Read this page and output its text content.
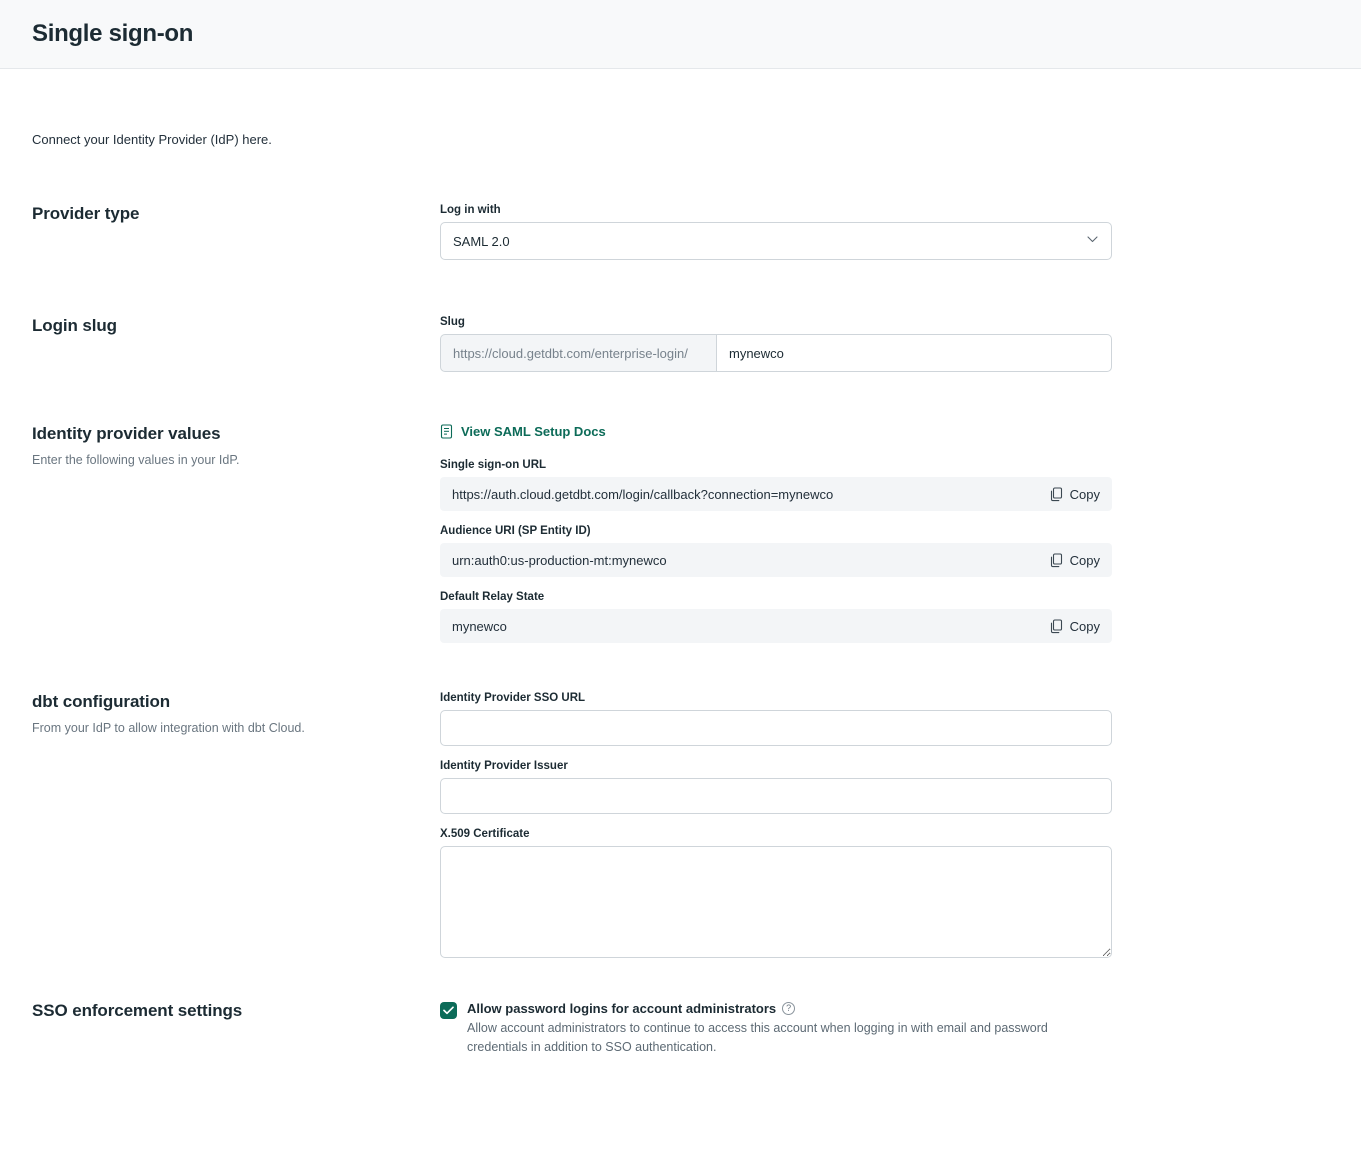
Single sign-on

Connect your Identity Provider (IdP) here.

Provider type	Log in with
SAML 2.0
Login slug	Slug
https://cloud.getdbt.com/enterprise-login/
mynewco
Identity provider values

Enter the following values in your IdP.

View SAML Setup Docs
Single sign-on URL
https://auth.cloud.getdbt.com/login/callback?connection=mynewco	Copy
Audience URI (SP Entity ID)
urn:auth0:us-production-mt:mynewco	Copy
Default Relay State
mynewco	Copy
dbt configuration

From your IdP to allow integration with dbt Cloud.

Identity Provider SSO URL
Identity Provider Issuer
X.509 Certificate
SSO enforcement settings	Allow password logins for account administrators	?
Allow account administrators to continue to access this account when logging in with email and password credentials in addition to SSO authentication.
